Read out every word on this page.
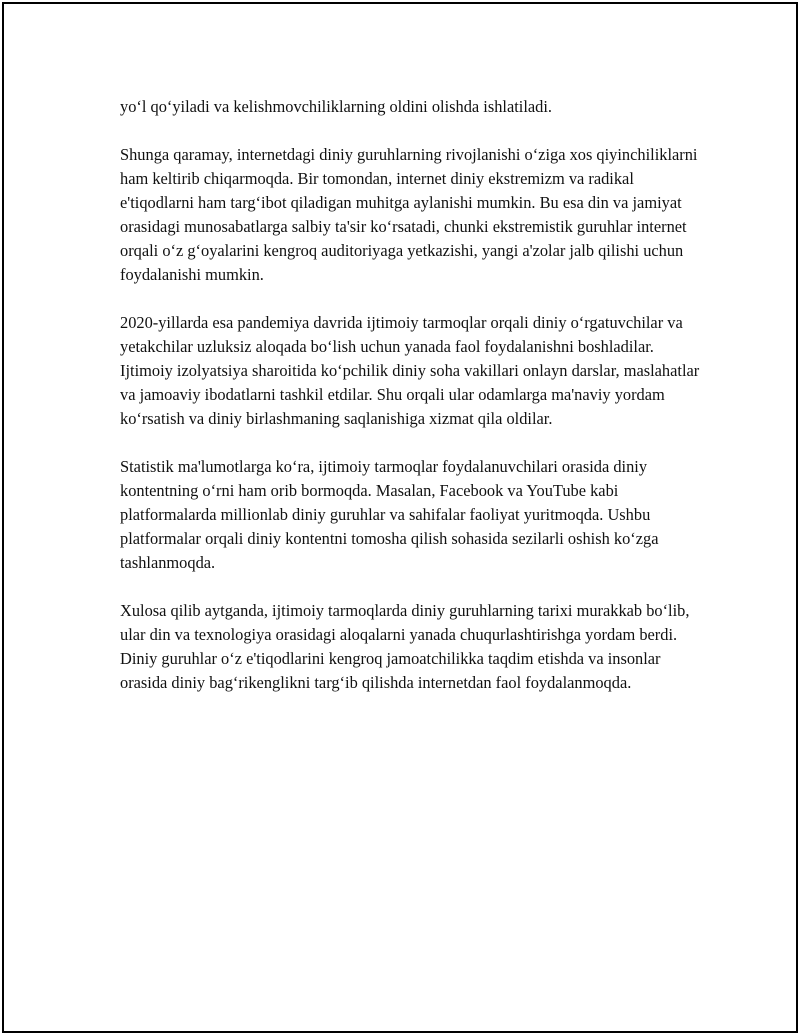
yo‘l qo‘yiladi va kelishmovchiliklarning oldini olishda ishlatiladi.

Shunga qaramay, internetdagi diniy guruhlarning rivojlanishi o‘ziga xos qiyinchiliklarni ham keltirib chiqarmoqda. Bir tomondan, internet diniy ekstremizm va radikal e'tiqodlarni ham targ‘ibot qiladigan muhitga aylanishi mumkin. Bu esa din va jamiyat orasidagi munosabatlarga salbiy ta'sir ko‘rsatadi, chunki ekstremistik guruhlar internet orqali o‘z g‘oyalarini kengroq auditoriyaga yetkazishi, yangi a'zolar jalb qilishi uchun foydalanishi mumkin.

2020-yillarda esa pandemiya davrida ijtimoiy tarmoqlar orqali diniy o‘rgatuvchilar va yetakchilar uzluksiz aloqada bo‘lish uchun yanada faol foydalanishni boshladilar. Ijtimoiy izolyatsiya sharoitida ko‘pchilik diniy soha vakillari onlayn darslar, maslahatlar va jamoaviy ibodatlarni tashkil etdilar. Shu orqali ular odamlarga ma'naviy yordam ko‘rsatish va diniy birlashmaning saqlanishiga xizmat qila oldilar.

Statistik ma'lumotlarga ko‘ra, ijtimoiy tarmoqlar foydalanuvchilari orasida diniy kontentning o‘rni ham orib bormoqda. Masalan, Facebook va YouTube kabi platformalarda millionlab diniy guruhlar va sahifalar faoliyat yuritmoqda. Ushbu platformalar orqali diniy kontentni tomosha qilish sohasida sezilarli oshish ko‘zga tashlanmoqda.

Xulosa qilib aytganda, ijtimoiy tarmoqlarda diniy guruhlarning tarixi murakkab bo‘lib, ular din va texnologiya orasidagi aloqalarni yanada chuqurlashtirishga yordam berdi. Diniy guruhlar o‘z e'tiqodlarini kengroq jamoatchilikka taqdim etishda va insonlar orasida diniy bag‘rikenglikni targ‘ib qilishda internetdan faol foydalanmoqda.
